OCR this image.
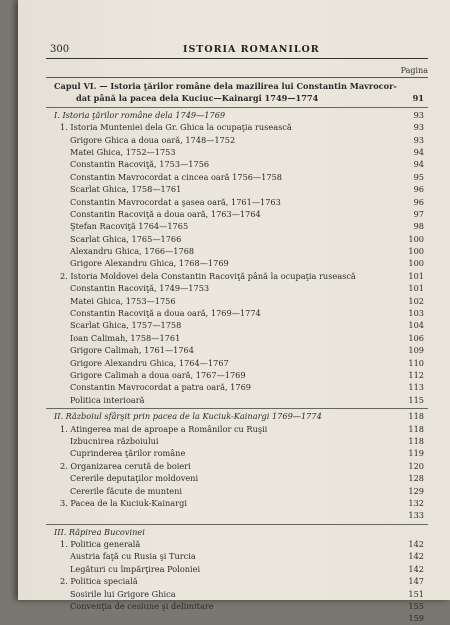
300	ISTORIA ROMANILOR
Pagina
Capul VI. — Istoria ţărilor române dela mazilirea lui Constantin Mavrocor-
dat până la pacea dela Kuciuc—Kainargi 1749—1774	91
I. Istoria ţărilor române dela 1749—1769	93
1. Istoria Munteniei dela Gr. Ghica la ocupaţia rusească	93
Grigore Ghica a doua oară, 1748—1752	93
Matei Ghica, 1752—1753	94
Constantin Racoviţă, 1753—1756	94
Constantin Mavrocordat a cincea oară 1756—1758	95
Scarlat Ghica, 1758—1761	96
Constantin Mavrocordat a şasea oară, 1761—1763	96
Constantin Racoviţă a doua oară, 1763—1764	97
Ştefan Racoviţă 1764—1765	98
Scarlat Ghica, 1765—1766	100
Alexandru Ghica, 1766—1768	100
Grigore Alexandru Ghica, 1768—1769	100
2. Istoria Moldovei dela Constantin Racoviţă până la ocupaţia rusească	101
Constantin Racoviţă, 1749—1753	101
Matei Ghica, 1753—1756	102
Constantin Racoviţă a doua oară, 1769—1774	103
Scarlat Ghica, 1757—1758	104
Ioan Calimah, 1758—1761	106
Grigore Calimah, 1761—1764	109
Grigore Alexandru Ghica, 1764—1767	110
Grigore Calimah a doua oară, 1767—1769	112
Constantin Mavrocordat a patra oară, 1769	113
Politica interioară	115
II. Războiul sfârşit prin pacea de la Kuciuk-Kainargi 1769—1774	118
1. Atingerea mai de aproape a Românilor cu Ruşii	118
Izbucnirea războiului	118
Cuprinderea ţărilor române	119
2. Organizarea cerută de boieri	120
Cererile deputaţilor moldoveni	128
Cererile făcute de munteni	129
3. Pacea de la Kuciuk-Kainargi	132
133
III. Răpirea Bucovinei
1. Politica generală	142
Austria faţă cu Rusia şi Turcia	142
Legături cu împărţirea Poloniei	142
2. Politica specială	147
Sosirile lui Grigore Ghica	151
Convenţia de cesiune şi delimitare	155
159
